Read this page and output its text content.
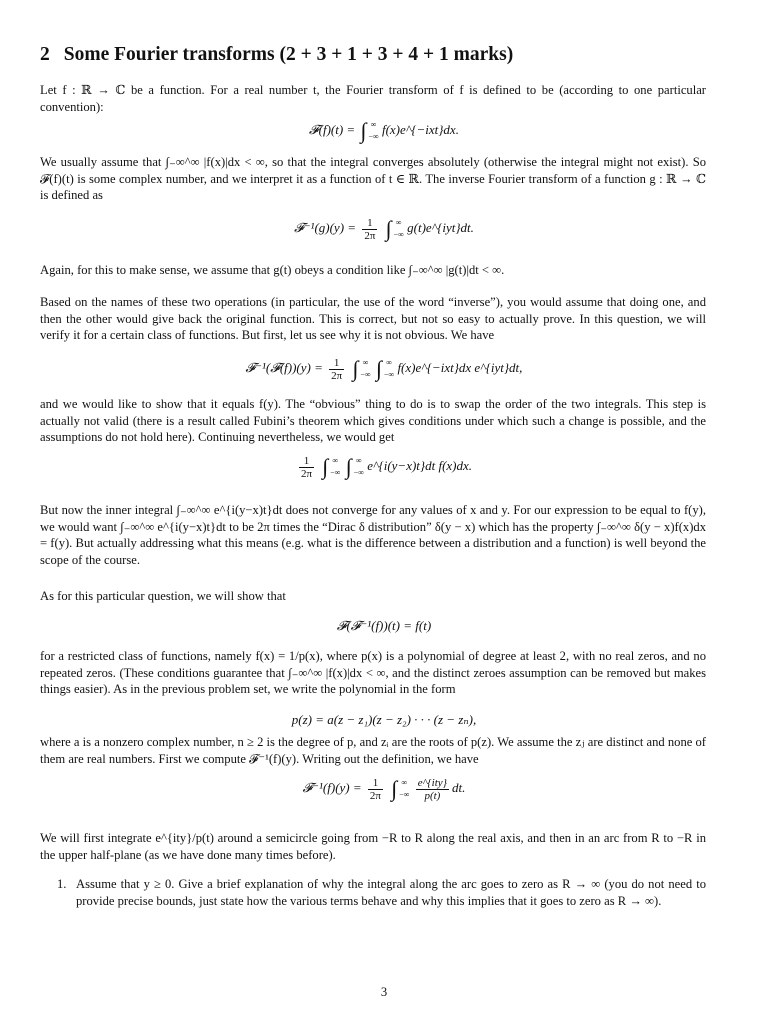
2 Some Fourier transforms (2 + 3 + 1 + 3 + 4 + 1 marks)

Let f : ℝ → ℂ be a function. For a real number t, the Fourier transform of f is defined to be (according to one particular convention):

𝓕(f)(t) = ∫ ∞
−∞ f(x)e^{−ixt}dx.

We usually assume that ∫₋∞^∞ |f(x)|dx < ∞, so that the integral converges absolutely (otherwise the integral might not exist). So 𝓕(f)(t) is some complex number, and we interpret it as a function of t ∈ ℝ. The inverse Fourier transform of a function g : ℝ → ℂ is defined as

𝓕⁻¹(g)(y) = $\frac{1}{2\pi}$ ∫ ∞
−∞ g(t)e^{iyt}dt.

Again, for this to make sense, we assume that g(t) obeys a condition like ∫₋∞^∞ |g(t)|dt < ∞.

Based on the names of these two operations (in particular, the use of the word “inverse”), you would assume that doing one, and then the other would give back the original function. This is correct, but not so easy to actually prove. In this question, we will verify it for a certain class of functions. But first, let us see why it is not obvious. We have

𝓕⁻¹(𝓕(f))(y) = $\frac{1}{2\pi}$ ∫ ∞
−∞ ∫ ∞
−∞ f(x)e^{−ixt}dx e^{iyt}dt,

and we would like to show that it equals f(y). The “obvious” thing to do is to swap the order of the two integrals. This step is actually not valid (there is a result called Fubini’s theorem which gives conditions under which such a change is possible, and the assumptions do not hold here). Continuing nevertheless, we would get

$\frac{1}{2\pi}$ ∫ ∞
−∞ ∫ ∞
−∞ e^{i(y−x)t}dt f(x)dx.

But now the inner integral ∫₋∞^∞ e^{i(y−x)t}dt does not converge for any values of x and y. For our expression to be equal to f(y), we would want ∫₋∞^∞ e^{i(y−x)t}dt to be 2π times the “Dirac δ distribution” δ(y − x) which has the property ∫₋∞^∞ δ(y − x)f(x)dx = f(y). But actually addressing what this means (e.g. what is the difference between a distribution and a function) is well beyond the scope of the course.

As for this particular question, we will show that

𝓕(𝓕⁻¹(f))(t) = f(t)

for a restricted class of functions, namely f(x) = 1/p(x), where p(x) is a polynomial of degree at least 2, with no real zeros, and no repeated zeros. (These conditions guarantee that ∫₋∞^∞ |f(x)|dx < ∞, and the distinct zeroes assumption can be removed but makes things easier). As in the previous problem set, we write the polynomial in the form

p(z) = a(z − z₁)(z − z₂) · · · (z − zₙ),

where a is a nonzero complex number, n ≥ 2 is the degree of p, and zᵢ are the roots of p(z). We assume the zⱼ are distinct and none of them are real numbers. First we compute 𝓕⁻¹(f)(y). Writing out the definition, we have

𝓕⁻¹(f)(y) = $\frac{1}{2\pi}$ ∫ ∞
−∞ $\frac{\text{e\textasciicircum{}\{ity\}}}{p(t)}$ dt.

We will first integrate e^{ity}/p(t) around a semicircle going from −R to R along the real axis, and then in an arc from R to −R in the upper half-plane (as we have done many times before).

1. Assume that y ≥ 0. Give a brief explanation of why the integral along the arc goes to zero as R → ∞ (you do not need to provide precise bounds, just state how the various terms behave and why this implies that it goes to zero as R → ∞).
3
